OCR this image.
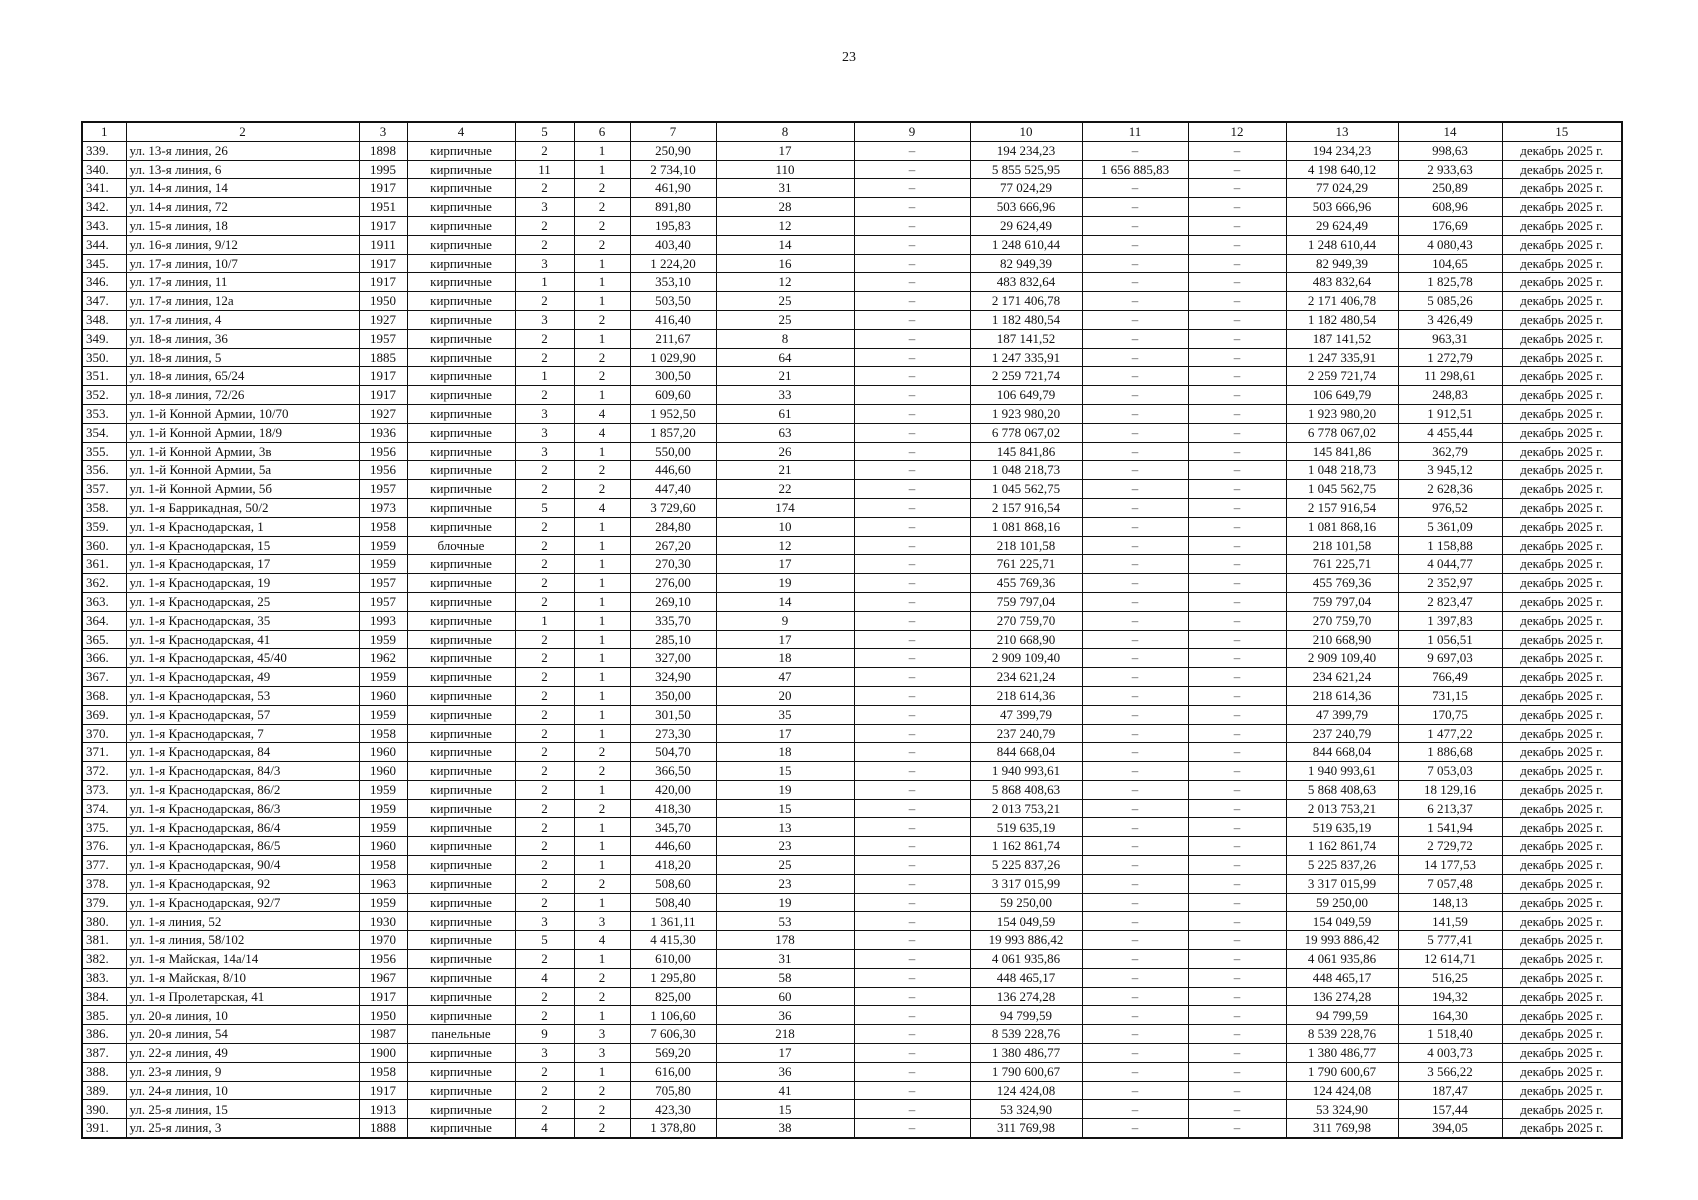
23
1	2	3	4	5	6	7	8	9	10	11	12	13	14	15
339.	ул. 13-я линия, 26	1898	кирпичные	2	1	250,90	17	–	194 234,23	–	–	194 234,23	998,63	декабрь 2025 г.
340.	ул. 13-я линия, 6	1995	кирпичные	11	1	2 734,10	110	–	5 855 525,95	1 656 885,83	–	4 198 640,12	2 933,63	декабрь 2025 г.
341.	ул. 14-я линия, 14	1917	кирпичные	2	2	461,90	31	–	77 024,29	–	–	77 024,29	250,89	декабрь 2025 г.
342.	ул. 14-я линия, 72	1951	кирпичные	3	2	891,80	28	–	503 666,96	–	–	503 666,96	608,96	декабрь 2025 г.
343.	ул. 15-я линия, 18	1917	кирпичные	2	2	195,83	12	–	29 624,49	–	–	29 624,49	176,69	декабрь 2025 г.
344.	ул. 16-я линия, 9/12	1911	кирпичные	2	2	403,40	14	–	1 248 610,44	–	–	1 248 610,44	4 080,43	декабрь 2025 г.
345.	ул. 17-я линия, 10/7	1917	кирпичные	3	1	1 224,20	16	–	82 949,39	–	–	82 949,39	104,65	декабрь 2025 г.
346.	ул. 17-я линия, 11	1917	кирпичные	1	1	353,10	12	–	483 832,64	–	–	483 832,64	1 825,78	декабрь 2025 г.
347.	ул. 17-я линия, 12а	1950	кирпичные	2	1	503,50	25	–	2 171 406,78	–	–	2 171 406,78	5 085,26	декабрь 2025 г.
348.	ул. 17-я линия, 4	1927	кирпичные	3	2	416,40	25	–	1 182 480,54	–	–	1 182 480,54	3 426,49	декабрь 2025 г.
349.	ул. 18-я линия, 36	1957	кирпичные	2	1	211,67	8	–	187 141,52	–	–	187 141,52	963,31	декабрь 2025 г.
350.	ул. 18-я линия, 5	1885	кирпичные	2	2	1 029,90	64	–	1 247 335,91	–	–	1 247 335,91	1 272,79	декабрь 2025 г.
351.	ул. 18-я линия, 65/24	1917	кирпичные	1	2	300,50	21	–	2 259 721,74	–	–	2 259 721,74	11 298,61	декабрь 2025 г.
352.	ул. 18-я линия, 72/26	1917	кирпичные	2	1	609,60	33	–	106 649,79	–	–	106 649,79	248,83	декабрь 2025 г.
353.	ул. 1-й Конной Армии, 10/70	1927	кирпичные	3	4	1 952,50	61	–	1 923 980,20	–	–	1 923 980,20	1 912,51	декабрь 2025 г.
354.	ул. 1-й Конной Армии, 18/9	1936	кирпичные	3	4	1 857,20	63	–	6 778 067,02	–	–	6 778 067,02	4 455,44	декабрь 2025 г.
355.	ул. 1-й Конной Армии, 3в	1956	кирпичные	3	1	550,00	26	–	145 841,86	–	–	145 841,86	362,79	декабрь 2025 г.
356.	ул. 1-й Конной Армии, 5а	1956	кирпичные	2	2	446,60	21	–	1 048 218,73	–	–	1 048 218,73	3 945,12	декабрь 2025 г.
357.	ул. 1-й Конной Армии, 5б	1957	кирпичные	2	2	447,40	22	–	1 045 562,75	–	–	1 045 562,75	2 628,36	декабрь 2025 г.
358.	ул. 1-я Баррикадная, 50/2	1973	кирпичные	5	4	3 729,60	174	–	2 157 916,54	–	–	2 157 916,54	976,52	декабрь 2025 г.
359.	ул. 1-я Краснодарская, 1	1958	кирпичные	2	1	284,80	10	–	1 081 868,16	–	–	1 081 868,16	5 361,09	декабрь 2025 г.
360.	ул. 1-я Краснодарская, 15	1959	блочные	2	1	267,20	12	–	218 101,58	–	–	218 101,58	1 158,88	декабрь 2025 г.
361.	ул. 1-я Краснодарская, 17	1959	кирпичные	2	1	270,30	17	–	761 225,71	–	–	761 225,71	4 044,77	декабрь 2025 г.
362.	ул. 1-я Краснодарская, 19	1957	кирпичные	2	1	276,00	19	–	455 769,36	–	–	455 769,36	2 352,97	декабрь 2025 г.
363.	ул. 1-я Краснодарская, 25	1957	кирпичные	2	1	269,10	14	–	759 797,04	–	–	759 797,04	2 823,47	декабрь 2025 г.
364.	ул. 1-я Краснодарская, 35	1993	кирпичные	1	1	335,70	9	–	270 759,70	–	–	270 759,70	1 397,83	декабрь 2025 г.
365.	ул. 1-я Краснодарская, 41	1959	кирпичные	2	1	285,10	17	–	210 668,90	–	–	210 668,90	1 056,51	декабрь 2025 г.
366.	ул. 1-я Краснодарская, 45/40	1962	кирпичные	2	1	327,00	18	–	2 909 109,40	–	–	2 909 109,40	9 697,03	декабрь 2025 г.
367.	ул. 1-я Краснодарская, 49	1959	кирпичные	2	1	324,90	47	–	234 621,24	–	–	234 621,24	766,49	декабрь 2025 г.
368.	ул. 1-я Краснодарская, 53	1960	кирпичные	2	1	350,00	20	–	218 614,36	–	–	218 614,36	731,15	декабрь 2025 г.
369.	ул. 1-я Краснодарская, 57	1959	кирпичные	2	1	301,50	35	–	47 399,79	–	–	47 399,79	170,75	декабрь 2025 г.
370.	ул. 1-я Краснодарская, 7	1958	кирпичные	2	1	273,30	17	–	237 240,79	–	–	237 240,79	1 477,22	декабрь 2025 г.
371.	ул. 1-я Краснодарская, 84	1960	кирпичные	2	2	504,70	18	–	844 668,04	–	–	844 668,04	1 886,68	декабрь 2025 г.
372.	ул. 1-я Краснодарская, 84/3	1960	кирпичные	2	2	366,50	15	–	1 940 993,61	–	–	1 940 993,61	7 053,03	декабрь 2025 г.
373.	ул. 1-я Краснодарская, 86/2	1959	кирпичные	2	1	420,00	19	–	5 868 408,63	–	–	5 868 408,63	18 129,16	декабрь 2025 г.
374.	ул. 1-я Краснодарская, 86/3	1959	кирпичные	2	2	418,30	15	–	2 013 753,21	–	–	2 013 753,21	6 213,37	декабрь 2025 г.
375.	ул. 1-я Краснодарская, 86/4	1959	кирпичные	2	1	345,70	13	–	519 635,19	–	–	519 635,19	1 541,94	декабрь 2025 г.
376.	ул. 1-я Краснодарская, 86/5	1960	кирпичные	2	1	446,60	23	–	1 162 861,74	–	–	1 162 861,74	2 729,72	декабрь 2025 г.
377.	ул. 1-я Краснодарская, 90/4	1958	кирпичные	2	1	418,20	25	–	5 225 837,26	–	–	5 225 837,26	14 177,53	декабрь 2025 г.
378.	ул. 1-я Краснодарская, 92	1963	кирпичные	2	2	508,60	23	–	3 317 015,99	–	–	3 317 015,99	7 057,48	декабрь 2025 г.
379.	ул. 1-я Краснодарская, 92/7	1959	кирпичные	2	1	508,40	19	–	59 250,00	–	–	59 250,00	148,13	декабрь 2025 г.
380.	ул. 1-я линия, 52	1930	кирпичные	3	3	1 361,11	53	–	154 049,59	–	–	154 049,59	141,59	декабрь 2025 г.
381.	ул. 1-я линия, 58/102	1970	кирпичные	5	4	4 415,30	178	–	19 993 886,42	–	–	19 993 886,42	5 777,41	декабрь 2025 г.
382.	ул. 1-я Майская, 14а/14	1956	кирпичные	2	1	610,00	31	–	4 061 935,86	–	–	4 061 935,86	12 614,71	декабрь 2025 г.
383.	ул. 1-я Майская, 8/10	1967	кирпичные	4	2	1 295,80	58	–	448 465,17	–	–	448 465,17	516,25	декабрь 2025 г.
384.	ул. 1-я Пролетарская, 41	1917	кирпичные	2	2	825,00	60	–	136 274,28	–	–	136 274,28	194,32	декабрь 2025 г.
385.	ул. 20-я линия, 10	1950	кирпичные	2	1	1 106,60	36	–	94 799,59	–	–	94 799,59	164,30	декабрь 2025 г.
386.	ул. 20-я линия, 54	1987	панельные	9	3	7 606,30	218	–	8 539 228,76	–	–	8 539 228,76	1 518,40	декабрь 2025 г.
387.	ул. 22-я линия, 49	1900	кирпичные	3	3	569,20	17	–	1 380 486,77	–	–	1 380 486,77	4 003,73	декабрь 2025 г.
388.	ул. 23-я линия, 9	1958	кирпичные	2	1	616,00	36	–	1 790 600,67	–	–	1 790 600,67	3 566,22	декабрь 2025 г.
389.	ул. 24-я линия, 10	1917	кирпичные	2	2	705,80	41	–	124 424,08	–	–	124 424,08	187,47	декабрь 2025 г.
390.	ул. 25-я линия, 15	1913	кирпичные	2	2	423,30	15	–	53 324,90	–	–	53 324,90	157,44	декабрь 2025 г.
391.	ул. 25-я линия, 3	1888	кирпичные	4	2	1 378,80	38	–	311 769,98	–	–	311 769,98	394,05	декабрь 2025 г.
